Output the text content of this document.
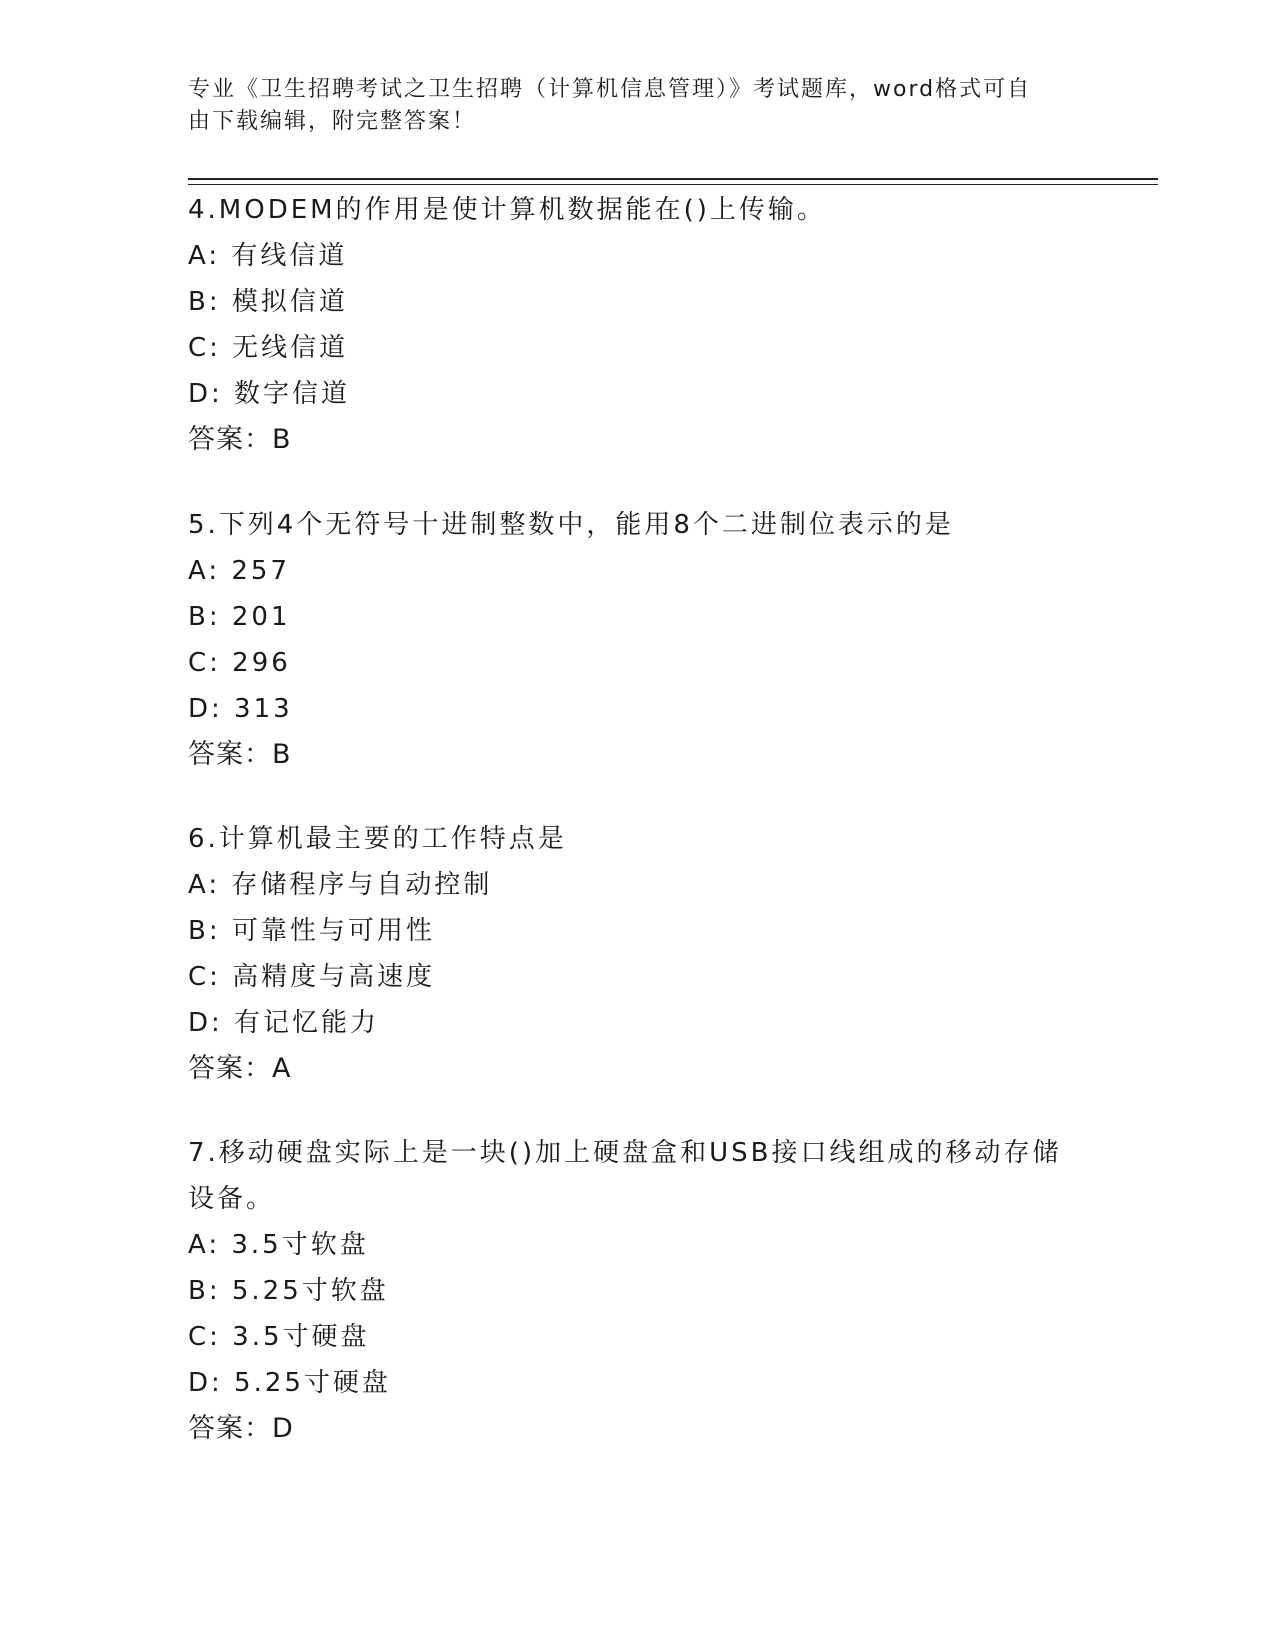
专业《卫生招聘考试之卫生招聘（计算机信息管理）》考试题库，word格式可自
由下载编辑，附完整答案！
4.MODEM的作用是使计算机数据能在()上传输。
A: 有线信道
B: 模拟信道
C: 无线信道
D: 数字信道
答案：B
5.下列4个无符号十进制整数中，能用8个二进制位表示的是
A: 257
B: 201
C: 296
D: 313
答案：B
6.计算机最主要的工作特点是
A: 存储程序与自动控制
B: 可靠性与可用性
C: 高精度与高速度
D: 有记忆能力
答案：A
7.移动硬盘实际上是一块()加上硬盘盒和USB接口线组成的移动存储
设备。
A: 3.5寸软盘
B: 5.25寸软盘
C: 3.5寸硬盘
D: 5.25寸硬盘
答案：D
